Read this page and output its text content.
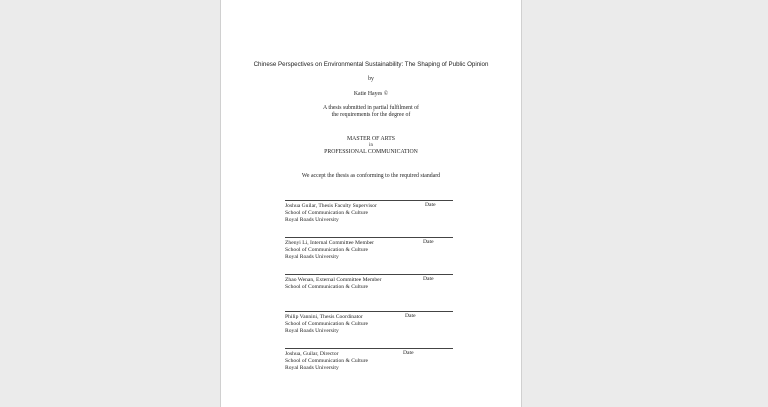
Chinese Perspectives on Environmental Sustainability: The Shaping of Public Opinion
by
Katie Hayes ©
A thesis submitted in partial fulfilment of
the requirements for the degree of
MASTER OF ARTS
in
PROFESSIONAL COMMUNICATION
We accept the thesis as conforming to the required standard
Joshua Guilar, Thesis Faculty Supervisor
School of Communication & Culture
Royal Roads University
Date
Zhenyi Li, Internal Committee Member
School of Communication & Culture
Royal Roads University
Date
Zhao Wenan, External Committee Member
School of Communication & Culture
Date
Philip Vannini, Thesis Coordinator
School of Communication & Culture
Royal Roads University
Date
Joshua, Guilar, Director
School of Communication & Culture
Royal Roads University
Date
